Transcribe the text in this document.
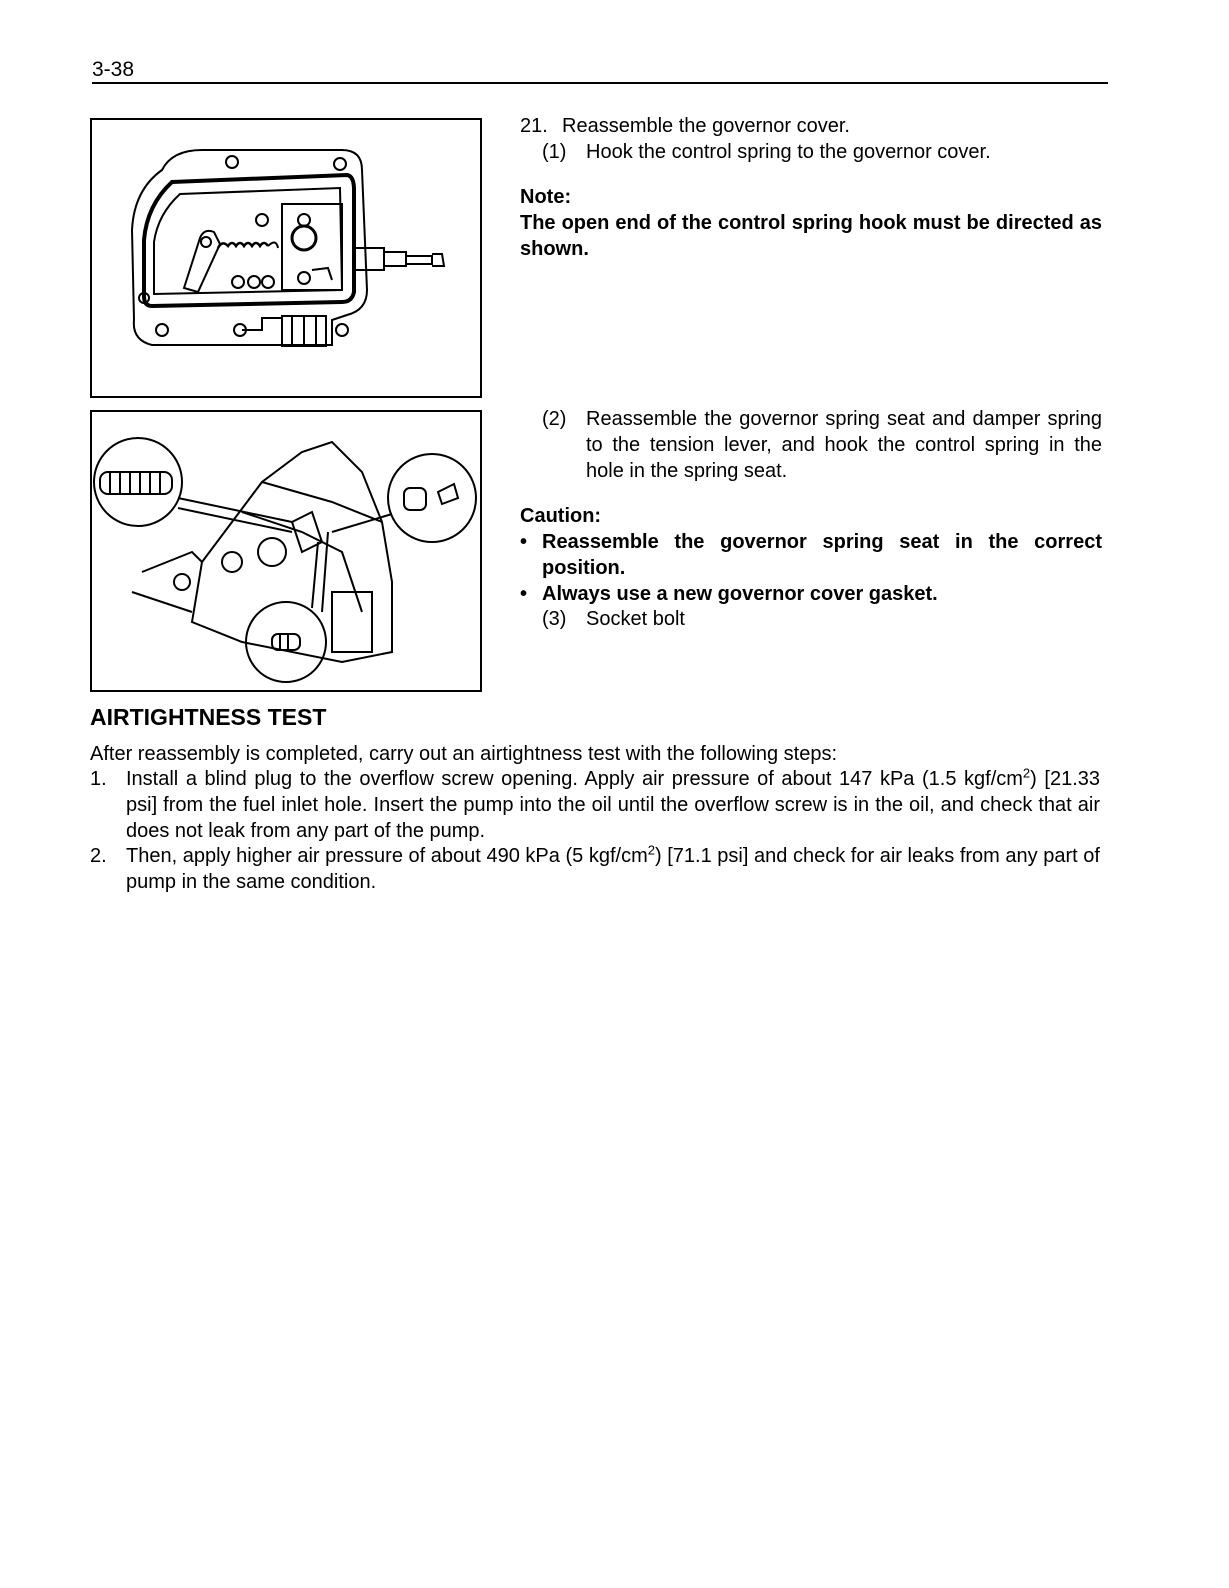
3-38
21. Reassemble the governor cover.
(1) Hook the control spring to the governor cover.
Note:
The open end of the control spring hook must be directed as shown.
(2) Reassemble the governor spring seat and damper spring to the tension lever, and hook the control spring in the hole in the spring seat.
Caution:
• Reassemble the governor spring seat in the correct position.
• Always use a new governor cover gasket.
(3) Socket bolt
AIRTIGHTNESS TEST
After reassembly is completed, carry out an airtightness test with the following steps:
1. Install a blind plug to the overflow screw opening. Apply air pressure of about 147 kPa (1.5 kgf/$cm^2$) [21.33 psi] from the fuel inlet hole. Insert the pump into the oil until the overflow screw is in the oil, and check that air does not leak from any part of the pump.
2. Then, apply higher air pressure of about 490 kPa (5 kgf/$cm^2$) [71.1 psi] and check for air leaks from any part of pump in the same condition.
